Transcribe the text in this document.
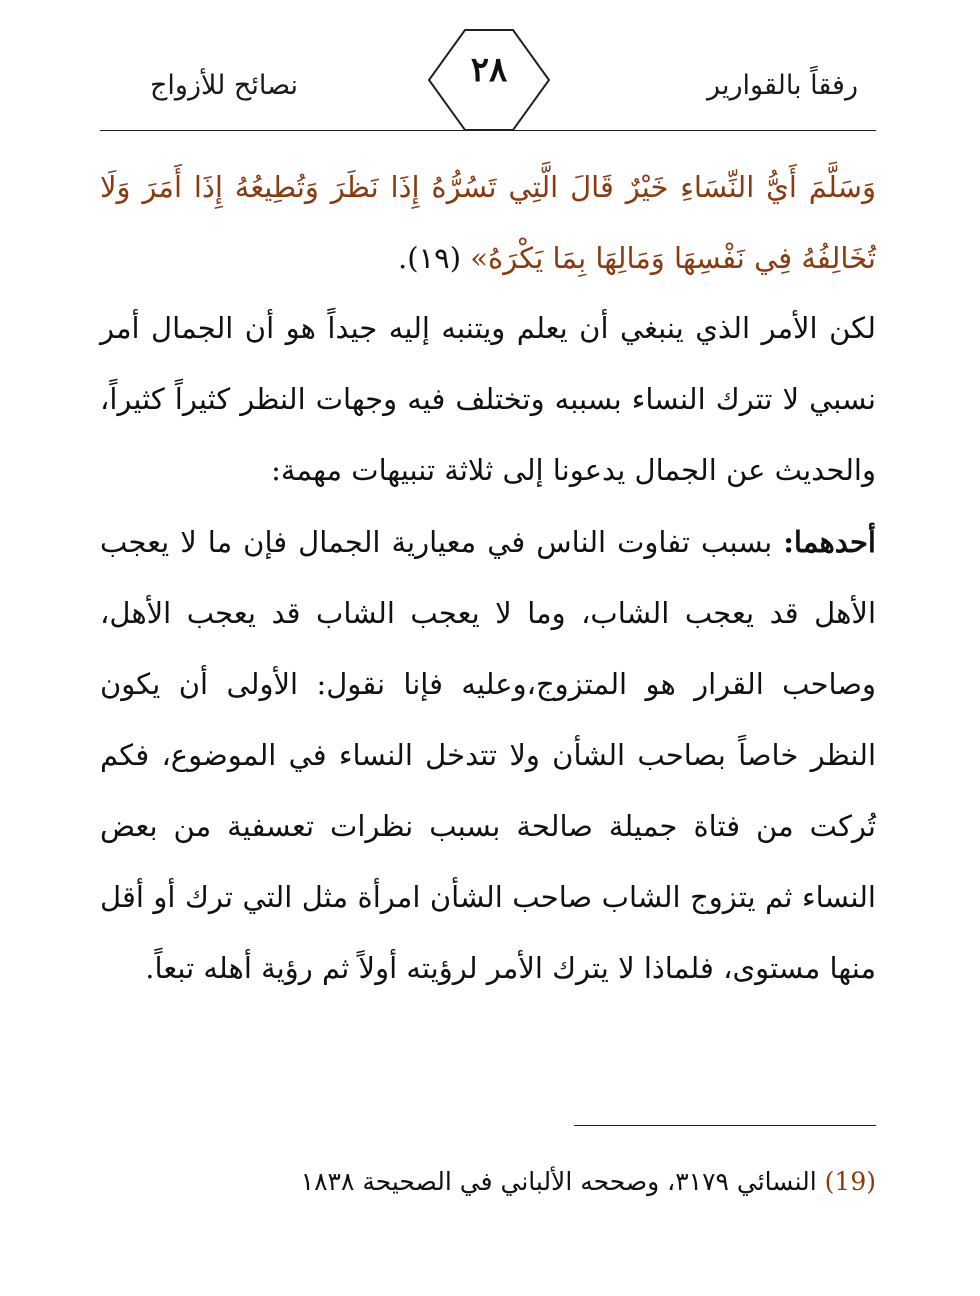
رفقاً بالقوارير
نصائح للأزواج	٢٨
وَسَلَّمَ أَيُّ النِّسَاءِ خَيْرٌ قَالَ الَّتِي تَسُرُّهُ إِذَا نَظَرَ وَتُطِيعُهُ إِذَا أَمَرَ وَلَا تُخَالِفُهُ فِي نَفْسِهَا وَمَالِهَا بِمَا يَكْرَهُ» (١٩).
لكن الأمر الذي ينبغي أن يعلم ويتنبه إليه جيداً هو أن الجمال أمر نسبي لا تترك النساء بسببه وتختلف فيه وجهات النظر كثيراً كثيراً، والحديث عن الجمال يدعونا إلى ثلاثة تنبيهات مهمة:
أحدهما: بسبب تفاوت الناس في معيارية الجمال فإن ما لا يعجب الأهل قد يعجب الشاب، وما لا يعجب الشاب قد يعجب الأهل، وصاحب القرار هو المتزوج،وعليه فإنا نقول: الأولى أن يكون النظر خاصاً بصاحب الشأن ولا تتدخل النساء في الموضوع، فكم تُركت من فتاة جميلة صالحة بسبب نظرات تعسفية من بعض النساء ثم يتزوج الشاب صاحب الشأن امرأة مثل التي ترك أو أقل منها مستوى، فلماذا لا يترك الأمر لرؤيته أولاً ثم رؤية أهله تبعاً.
(19) النسائي ٣١٧٩، وصححه الألباني في الصحيحة ١٨٣٨
